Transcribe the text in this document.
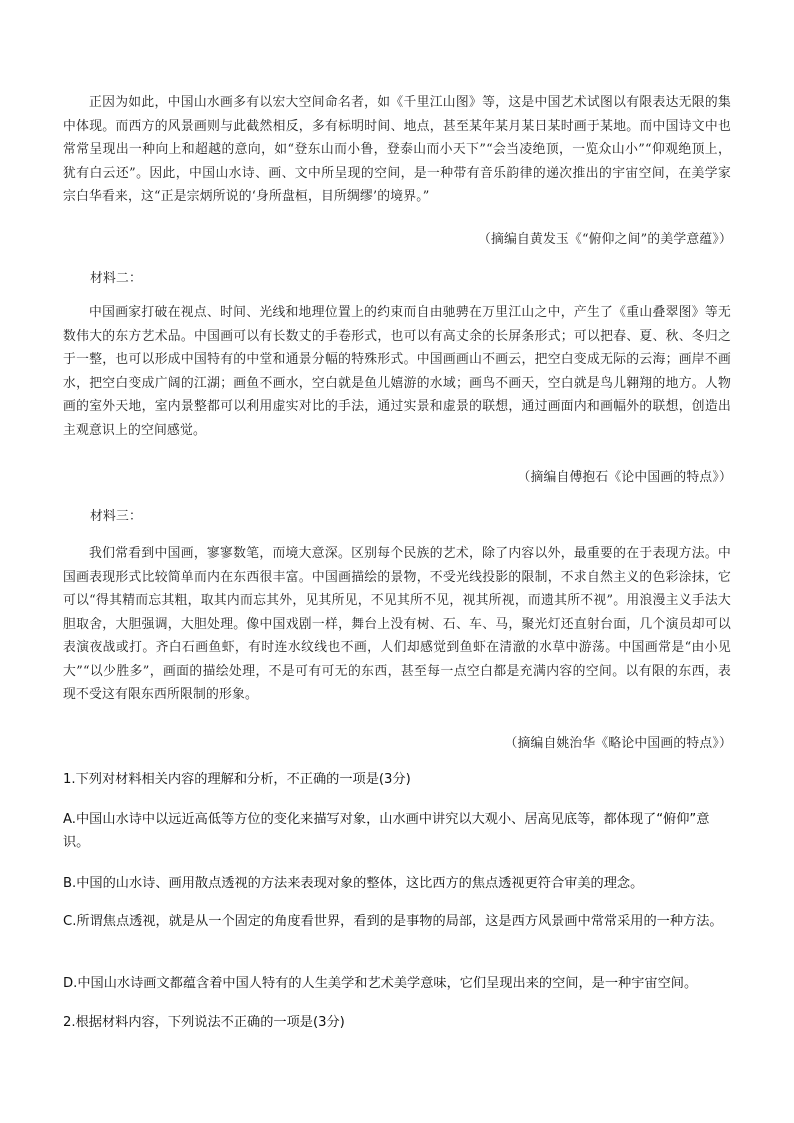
正因为如此，中国山水画多有以宏大空间命名者，如《千里江山图》等，这是中国艺术试图以有限表达无限的集中体现。而西方的风景画则与此截然相反，多有标明时间、地点，甚至某年某月某日某时画于某地。而中国诗文中也常常呈现出一种向上和超越的意向，如“登东山而小鲁，登泰山而小天下”“会当凌绝顶，一览众山小”“仰观绝顶上，犹有白云还”。因此，中国山水诗、画、文中所呈现的空间，是一种带有音乐韵律的递次推出的宇宙空间，在美学家宗白华看来，这“正是宗炳所说的‘身所盘桓，目所绸缪’的境界。”

（摘编自黄发玉《“俯仰之间”的美学意蕴》）

材料二：

中国画家打破在视点、时间、光线和地理位置上的约束而自由驰骋在万里江山之中，产生了《重山叠翠图》等无数伟大的东方艺术品。中国画可以有长数丈的手卷形式，也可以有高丈余的长屏条形式；可以把春、夏、秋、冬归之于一整，也可以形成中国特有的中堂和通景分幅的特殊形式。中国画画山不画云，把空白变成无际的云海；画岸不画水，把空白变成广阔的江湖；画鱼不画水，空白就是鱼儿嬉游的水域；画鸟不画天，空白就是鸟儿翱翔的地方。人物画的室外天地，室内景整都可以利用虚实对比的手法，通过实景和虚景的联想，通过画面内和画幅外的联想，创造出主观意识上的空间感觉。

（摘编自傅抱石《论中国画的特点》）

材料三：

我们常看到中国画，寥寥数笔，而境大意深。区别每个民族的艺术，除了内容以外，最重要的在于表现方法。中国画表现形式比较简单而内在东西很丰富。中国画描绘的景物，不受光线投影的限制，不求自然主义的色彩涂抹，它可以“得其精而忘其粗，取其内而忘其外，见其所见，不见其所不见，视其所视，而遗其所不视”。用浪漫主义手法大胆取舍，大胆强调，大胆处理。像中国戏剧一样，舞台上没有树、石、车、马，聚光灯还直射台面，几个演员却可以表演夜战或打。齐白石画鱼虾，有时连水纹线也不画，人们却感觉到鱼虾在清澈的水草中游荡。中国画常是“由小见大”“以少胜多”，画面的描绘处理，不是可有可无的东西，甚至每一点空白都是充满内容的空间。以有限的东西，表现不受这有限东西所限制的形象。

（摘编自姚治华《略论中国画的特点》）

1.下列对材料相关内容的理解和分析，不正确的一项是(3分)

A.中国山水诗中以远近高低等方位的变化来描写对象，山水画中讲究以大观小、居高见底等，都体现了“俯仰”意识。

B.中国的山水诗、画用散点透视的方法来表现对象的整体，这比西方的焦点透视更符合审美的理念。

C.所谓焦点透视，就是从一个固定的角度看世界，看到的是事物的局部，这是西方风景画中常常采用的一种方法。

D.中国山水诗画文都蕴含着中国人特有的人生美学和艺术美学意味，它们呈现出来的空间，是一种宇宙空间。

2.根据材料内容，下列说法不正确的一项是(3分)
